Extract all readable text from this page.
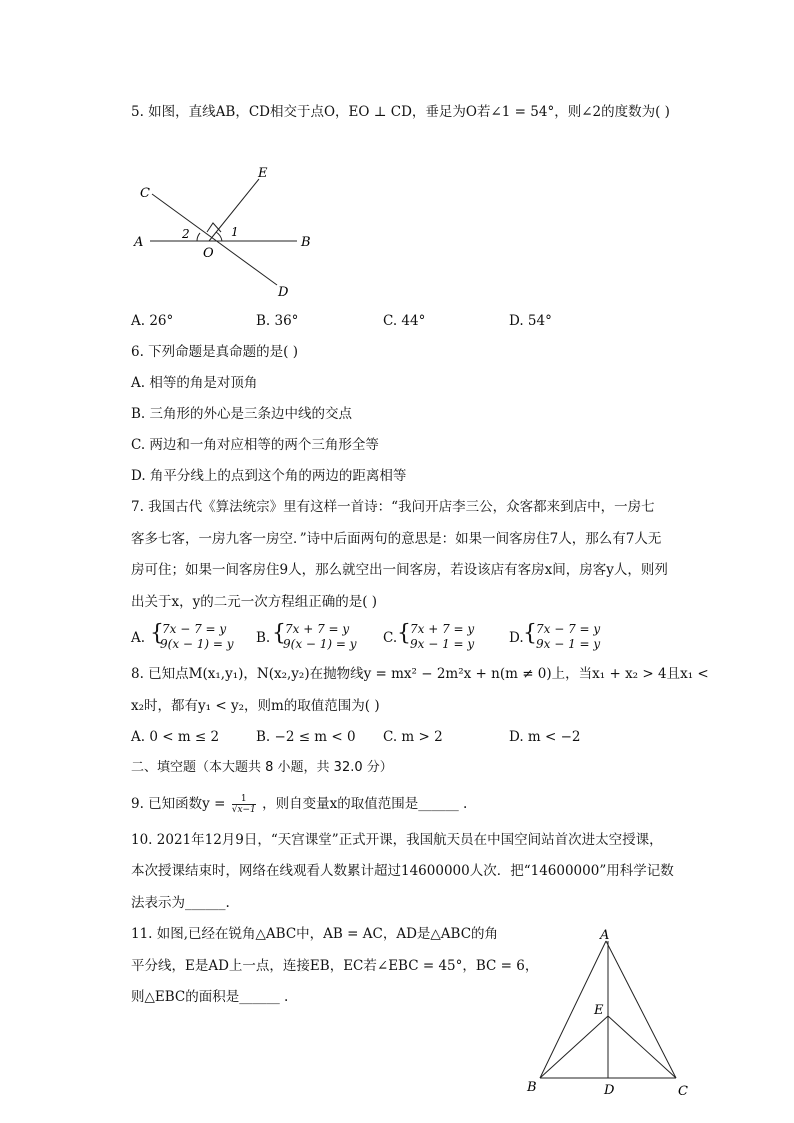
5. 如图，直线AB，CD相交于点O，EO ⊥ CD，垂足为O若∠1 = 54°，则∠2的度数为( )
C
E
A	B
O
D
1
2
A
E
B	D	C
A. 26°	B. 36°	C. 44°	D. 54°
6. 下列命题是真命题的是( )
A. 相等的角是对顶角
B. 三角形的外心是三条边中线的交点
C. 两边和一角对应相等的两个三角形全等
D. 角平分线上的点到这个角的两边的距离相等
7. 我国古代《算法统宗》里有这样一首诗：“我问开店李三公，众客都来到店中，一房七
客多七客，一房九客一房空．”诗中后面两句的意思是：如果一间客房住7人，那么有7人无
房可住；如果一间客房住9人，那么就空出一间客房，若设该店有客房x间，房客y人，则列
出关于x，y的二元一次方程组正确的是( )
A. {
7x − 7 = y
9(x − 1) = y B. { 7x + 7 = y
9(x − 1) = y C. { 7x + 7 = y
9x − 1 = y	D. { 7x − 7 = y
9x − 1 = y
8. 已知点M(x₁,y₁)，N(x₂,y₂)在抛物线y = mx² − 2m²x + n(m ≠ 0)上，当x₁ + x₂ > 4且x₁ <
x₂时，都有y₁ < y₂，则m的取值范围为( )
A. 0 < m ≤ 2	B. −2 ≤ m < 0 C. m > 2	D. m < −2
二、填空题（本大题共 8 小题，共 32.0 分）
9. 已知函数$y = \frac{1}{√x-1}$ ，则自变量x的取值范围是______ .
10. 2021年12月9日，“天宫课堂”正式开课，我国航天员在中国空间站首次进太空授课，
本次授课结束时，网络在线观看人数累计超过14600000人次．把“14600000”用科学记数
法表示为______.
11. 如图,已经在锐角△ABC中，AB = AC，AD是△ABC的角
平分线，E是AD上一点，连接EB，EC若∠EBC = 45°，BC = 6，
则△EBC的面积是______ .
